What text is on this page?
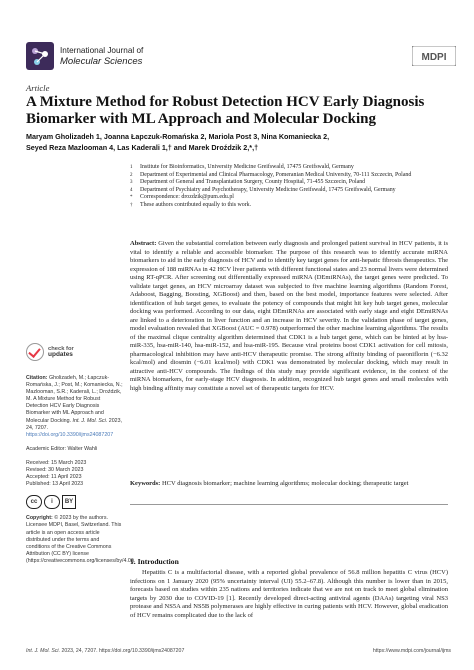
International Journal of
Molecular Sciences	MDPI
Article
A Mixture Method for Robust Detection HCV Early Diagnosis Biomarker with ML Approach and Molecular Docking
Maryam Gholizadeh 1, Joanna Łapczuk-Romańska 2, Mariola Post 3, Nina Komaniecka 2,
Seyed Reza Mazlooman 4, Las Kaderali 1,† and Marek Droździk 2,*,†
1 Institute for Bioinformatics, University Medicine Greifswald, 17475 Greifswald, Germany
2 Department of Experimental and Clinical Pharmacology, Pomeranian Medical University, 70-111 Szczecin, Poland
3 Department of General and Transplantation Surgery, County Hospital, 71-455 Szczecin, Poland
4 Department of Psychiatry and Psychotherapy, University Medicine Greifswald, 17475 Greifswald, Germany
* Correspondence: drozdzik@pum.edu.pl
† These authors contributed equally to this work.
Abstract: Given the substantial correlation between early diagnosis and prolonged patient survival in HCV patients, it is vital to identify a reliable and accessible biomarker. The purpose of this research was to identify accurate miRNA biomarkers to aid in the early diagnosis of HCV and to identify key target genes for anti-hepatic fibrosis therapeutics. The expression of 188 miRNAs in 42 HCV liver patients with different functional states and 23 normal livers were determined using RT-qPCR. After screening out differentially expressed miRNA (DEmiRNAs), the target genes were predicted. To validate target genes, an HCV microarray dataset was subjected to five machine learning algorithms (Random Forest, Adaboost, Bagging, Boosting, XGBoost) and then, based on the best model, importance features were selected. After identification of hub target genes, to evaluate the potency of compounds that might hit key hub target genes, molecular docking was performed. According to our data, eight DEmiRNAs are associated with early stage and eight DEmiRNAs are linked to a deterioration in liver function and an increase in HCV severity. In the validation phase of target genes, model evaluation revealed that XGBoost (AUC = 0.978) outperformed the other machine learning algorithms. The results of the maximal clique centrality algorithm determined that CDK1 is a hub target gene, which can be hinted at by hsa-miR-335, hsa-miR-140, hsa-miR-152, and hsa-miR-195. Because viral proteins boost CDK1 activation for cell mitosis, pharmacological inhibition may have anti-HCV therapeutic promise. The strong affinity binding of paeoniflorin (−6.32 kcal/mol) and diosmin (−6.01 kcal/mol) with CDK1 was demonstrated by molecular docking, which may result in attractive anti-HCV compounds. The findings of this study may provide significant evidence, in the context of the miRNA biomarkers, for early-stage HCV diagnosis. In addition, recognized hub target genes and small molecules with high binding affinity may constitute a novel set of therapeutic targets for HCV.
Keywords: HCV diagnosis biomarker; machine learning algorithms; molecular docking; therapeutic target
check for
updates
Citation: Gholizadeh, M.; Łapczuk-Romańska, J.; Post, M.; Komaniecka, N.; Mazlooman, S.R.; Kaderali, L.; Droździk, M. A Mixture Method for Robust Detection HCV Early Diagnosis Biomarker with ML Approach and Molecular Docking. Int. J. Mol. Sci. 2023, 24, 7207. https://doi.org/10.3390/ijms24087207
Academic Editor: Walter Wahli
Received: 15 March 2023
Revised: 30 March 2023
Accepted: 11 April 2023
Published: 13 April 2023
cc	i	BY
Copyright: © 2023 by the authors. Licensee MDPI, Basel, Switzerland. This article is an open access article distributed under the terms and conditions of the Creative Commons Attribution (CC BY) license (https://creativecommons.org/licenses/by/4.0/).
1. Introduction
Hepatitis C is a multifactorial disease, with a reported global prevalence of 56.8 million hepatitis C virus (HCV) infections on 1 January 2020 (95% uncertainty interval (UI) 55.2–67.8). Although this number is lower than in 2015, forecasts based on studies within 235 nations and territories indicate that we are not on track to meet global elimination targets by 2030 due to COVID-19 [1]. Recently developed direct-acting antiviral agents (DAAs) targeting viral NS3 protease and NS5A and NS5B polymerases are highly effective in curing patients with HCV. However, global eradication of HCV remains complicated due to the lack of
Int. J. Mol. Sci. 2023, 24, 7207. https://doi.org/10.3390/ijms24087207	https://www.mdpi.com/journal/ijms
